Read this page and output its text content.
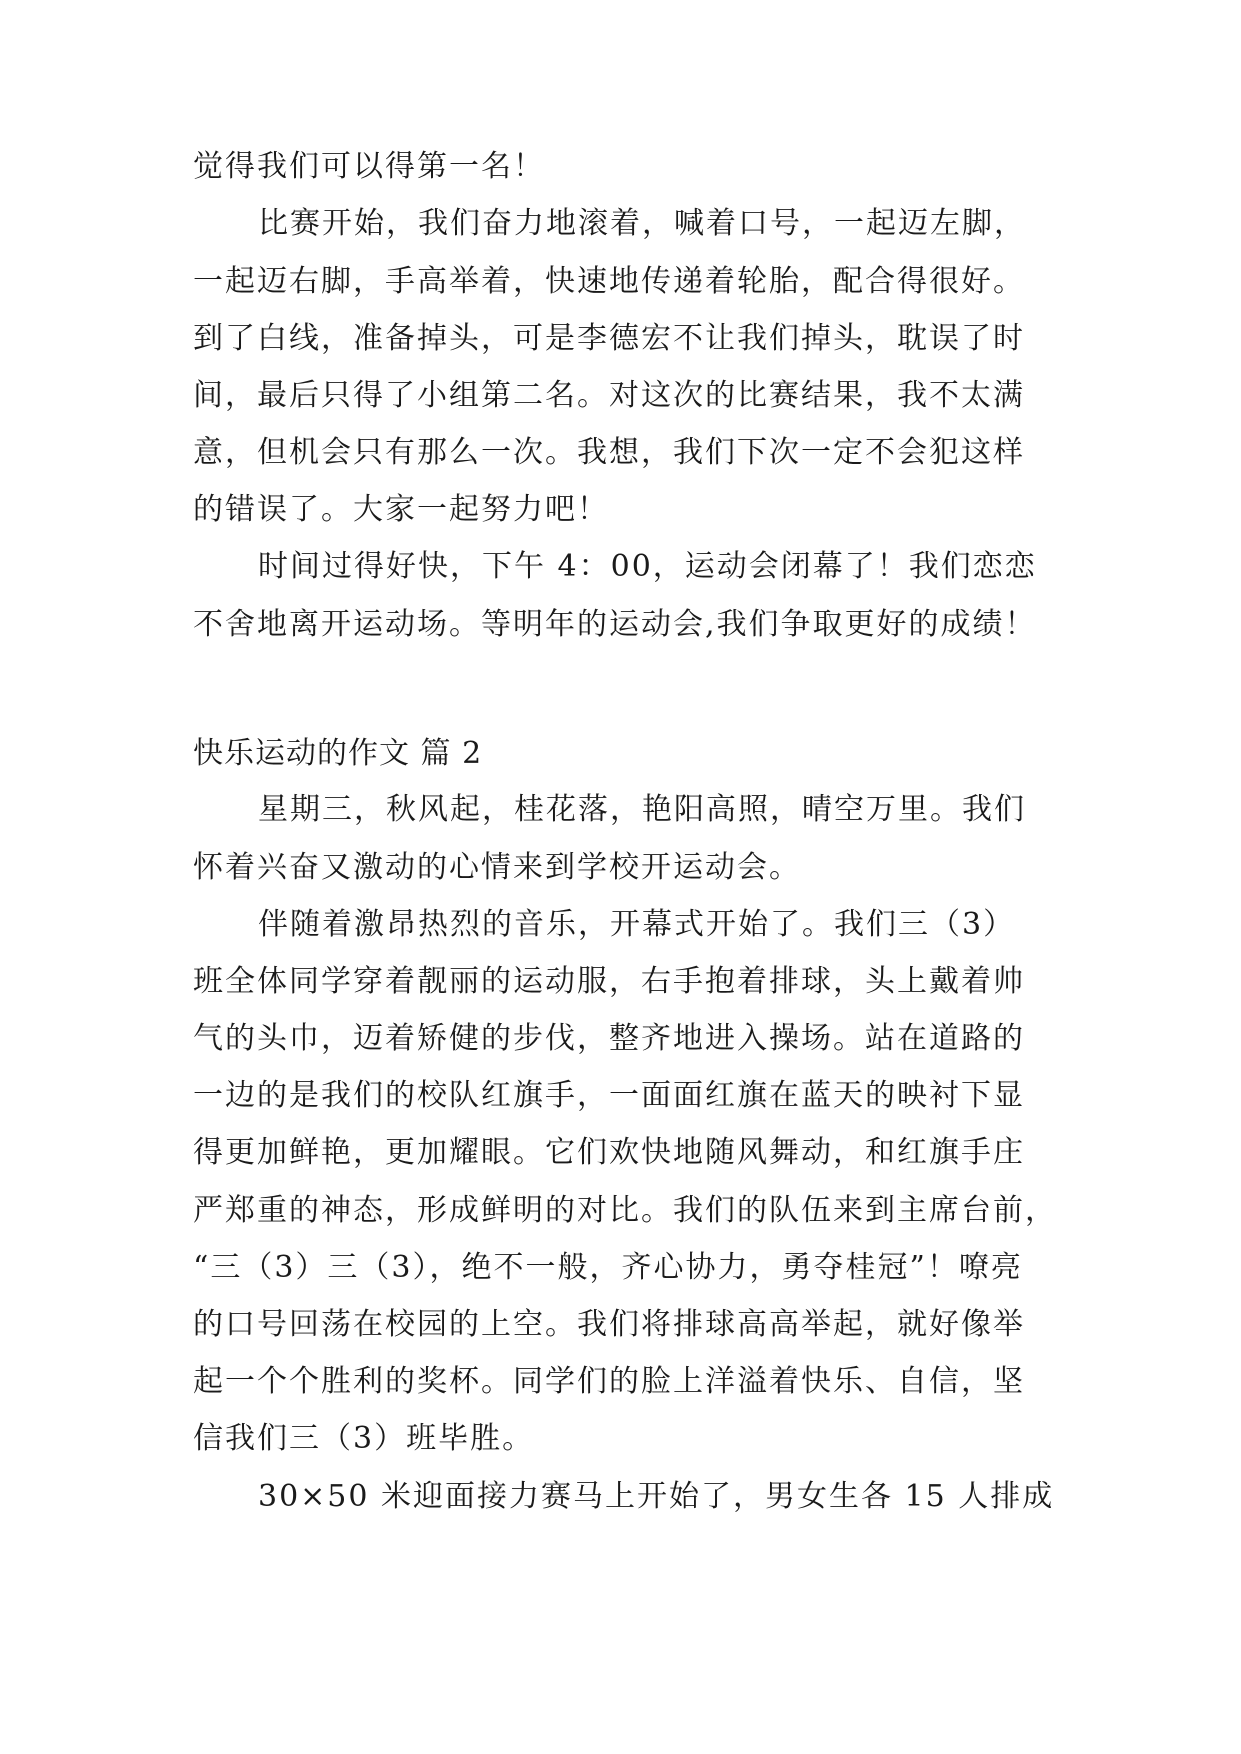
觉得我们可以得第一名！
比赛开始，我们奋力地滚着，喊着口号，一起迈左脚，
一起迈右脚，手高举着，快速地传递着轮胎，配合得很好。
到了白线，准备掉头，可是李德宏不让我们掉头，耽误了时
间，最后只得了小组第二名。对这次的比赛结果，我不太满
意，但机会只有那么一次。我想，我们下次一定不会犯这样
的错误了。大家一起努力吧！
时间过得好快，下午 4：00，运动会闭幕了！我们恋恋
不舍地离开运动场。等明年的运动会,我们争取更好的成绩！
快乐运动的作文 篇 2
星期三，秋风起，桂花落，艳阳高照，晴空万里。我们
怀着兴奋又激动的心情来到学校开运动会。
伴随着激昂热烈的音乐，开幕式开始了。我们三（3）
班全体同学穿着靓丽的运动服，右手抱着排球，头上戴着帅
气的头巾，迈着矫健的步伐，整齐地进入操场。站在道路的
一边的是我们的校队红旗手，一面面红旗在蓝天的映衬下显
得更加鲜艳，更加耀眼。它们欢快地随风舞动，和红旗手庄
严郑重的神态，形成鲜明的对比。我们的队伍来到主席台前，
“三（3）三（3），绝不一般，齐心协力，勇夺桂冠”！嘹亮
的口号回荡在校园的上空。我们将排球高高举起，就好像举
起一个个胜利的奖杯。同学们的脸上洋溢着快乐、自信，坚
信我们三（3）班毕胜。
30×50 米迎面接力赛马上开始了，男女生各 15 人排成
